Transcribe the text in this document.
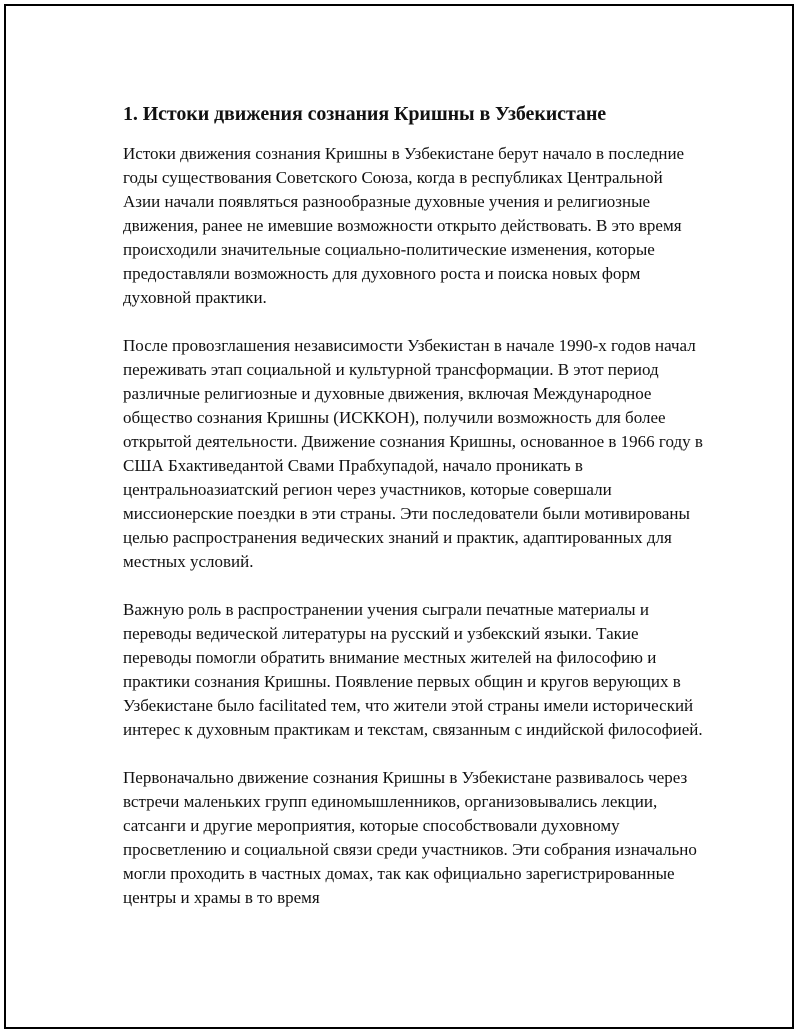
1. Истоки движения сознания Кришны в Узбекистане

Истоки движения сознания Кришны в Узбекистане берут начало в последние годы существования Советского Союза, когда в республиках Центральной Азии начали появляться разнообразные духовные учения и религиозные движения, ранее не имевшие возможности открыто действовать. В это время происходили значительные социально-политические изменения, которые предоставляли возможность для духовного роста и поиска новых форм духовной практики.

После провозглашения независимости Узбекистан в начале 1990-х годов начал переживать этап социальной и культурной трансформации. В этот период различные религиозные и духовные движения, включая Международное общество сознания Кришны (ИСККОН), получили возможность для более открытой деятельности. Движение сознания Кришны, основанное в 1966 году в США Бхактиведантой Свами Прабхупадой, начало проникать в центральноазиатский регион через участников, которые совершали миссионерские поездки в эти страны. Эти последователи были мотивированы целью распространения ведических знаний и практик, адаптированных для местных условий.

Важную роль в распространении учения сыграли печатные материалы и переводы ведической литературы на русский и узбекский языки. Такие переводы помогли обратить внимание местных жителей на философию и практики сознания Кришны. Появление первых общин и кругов верующих в Узбекистане было facilitated тем, что жители этой страны имели исторический интерес к духовным практикам и текстам, связанным с индийской философией.

Первоначально движение сознания Кришны в Узбекистане развивалось через встречи маленьких групп единомышленников, организовывались лекции, сатсанги и другие мероприятия, которые способствовали духовному просветлению и социальной связи среди участников. Эти собрания изначально могли проходить в частных домах, так как официально зарегистрированные центры и храмы в то время
